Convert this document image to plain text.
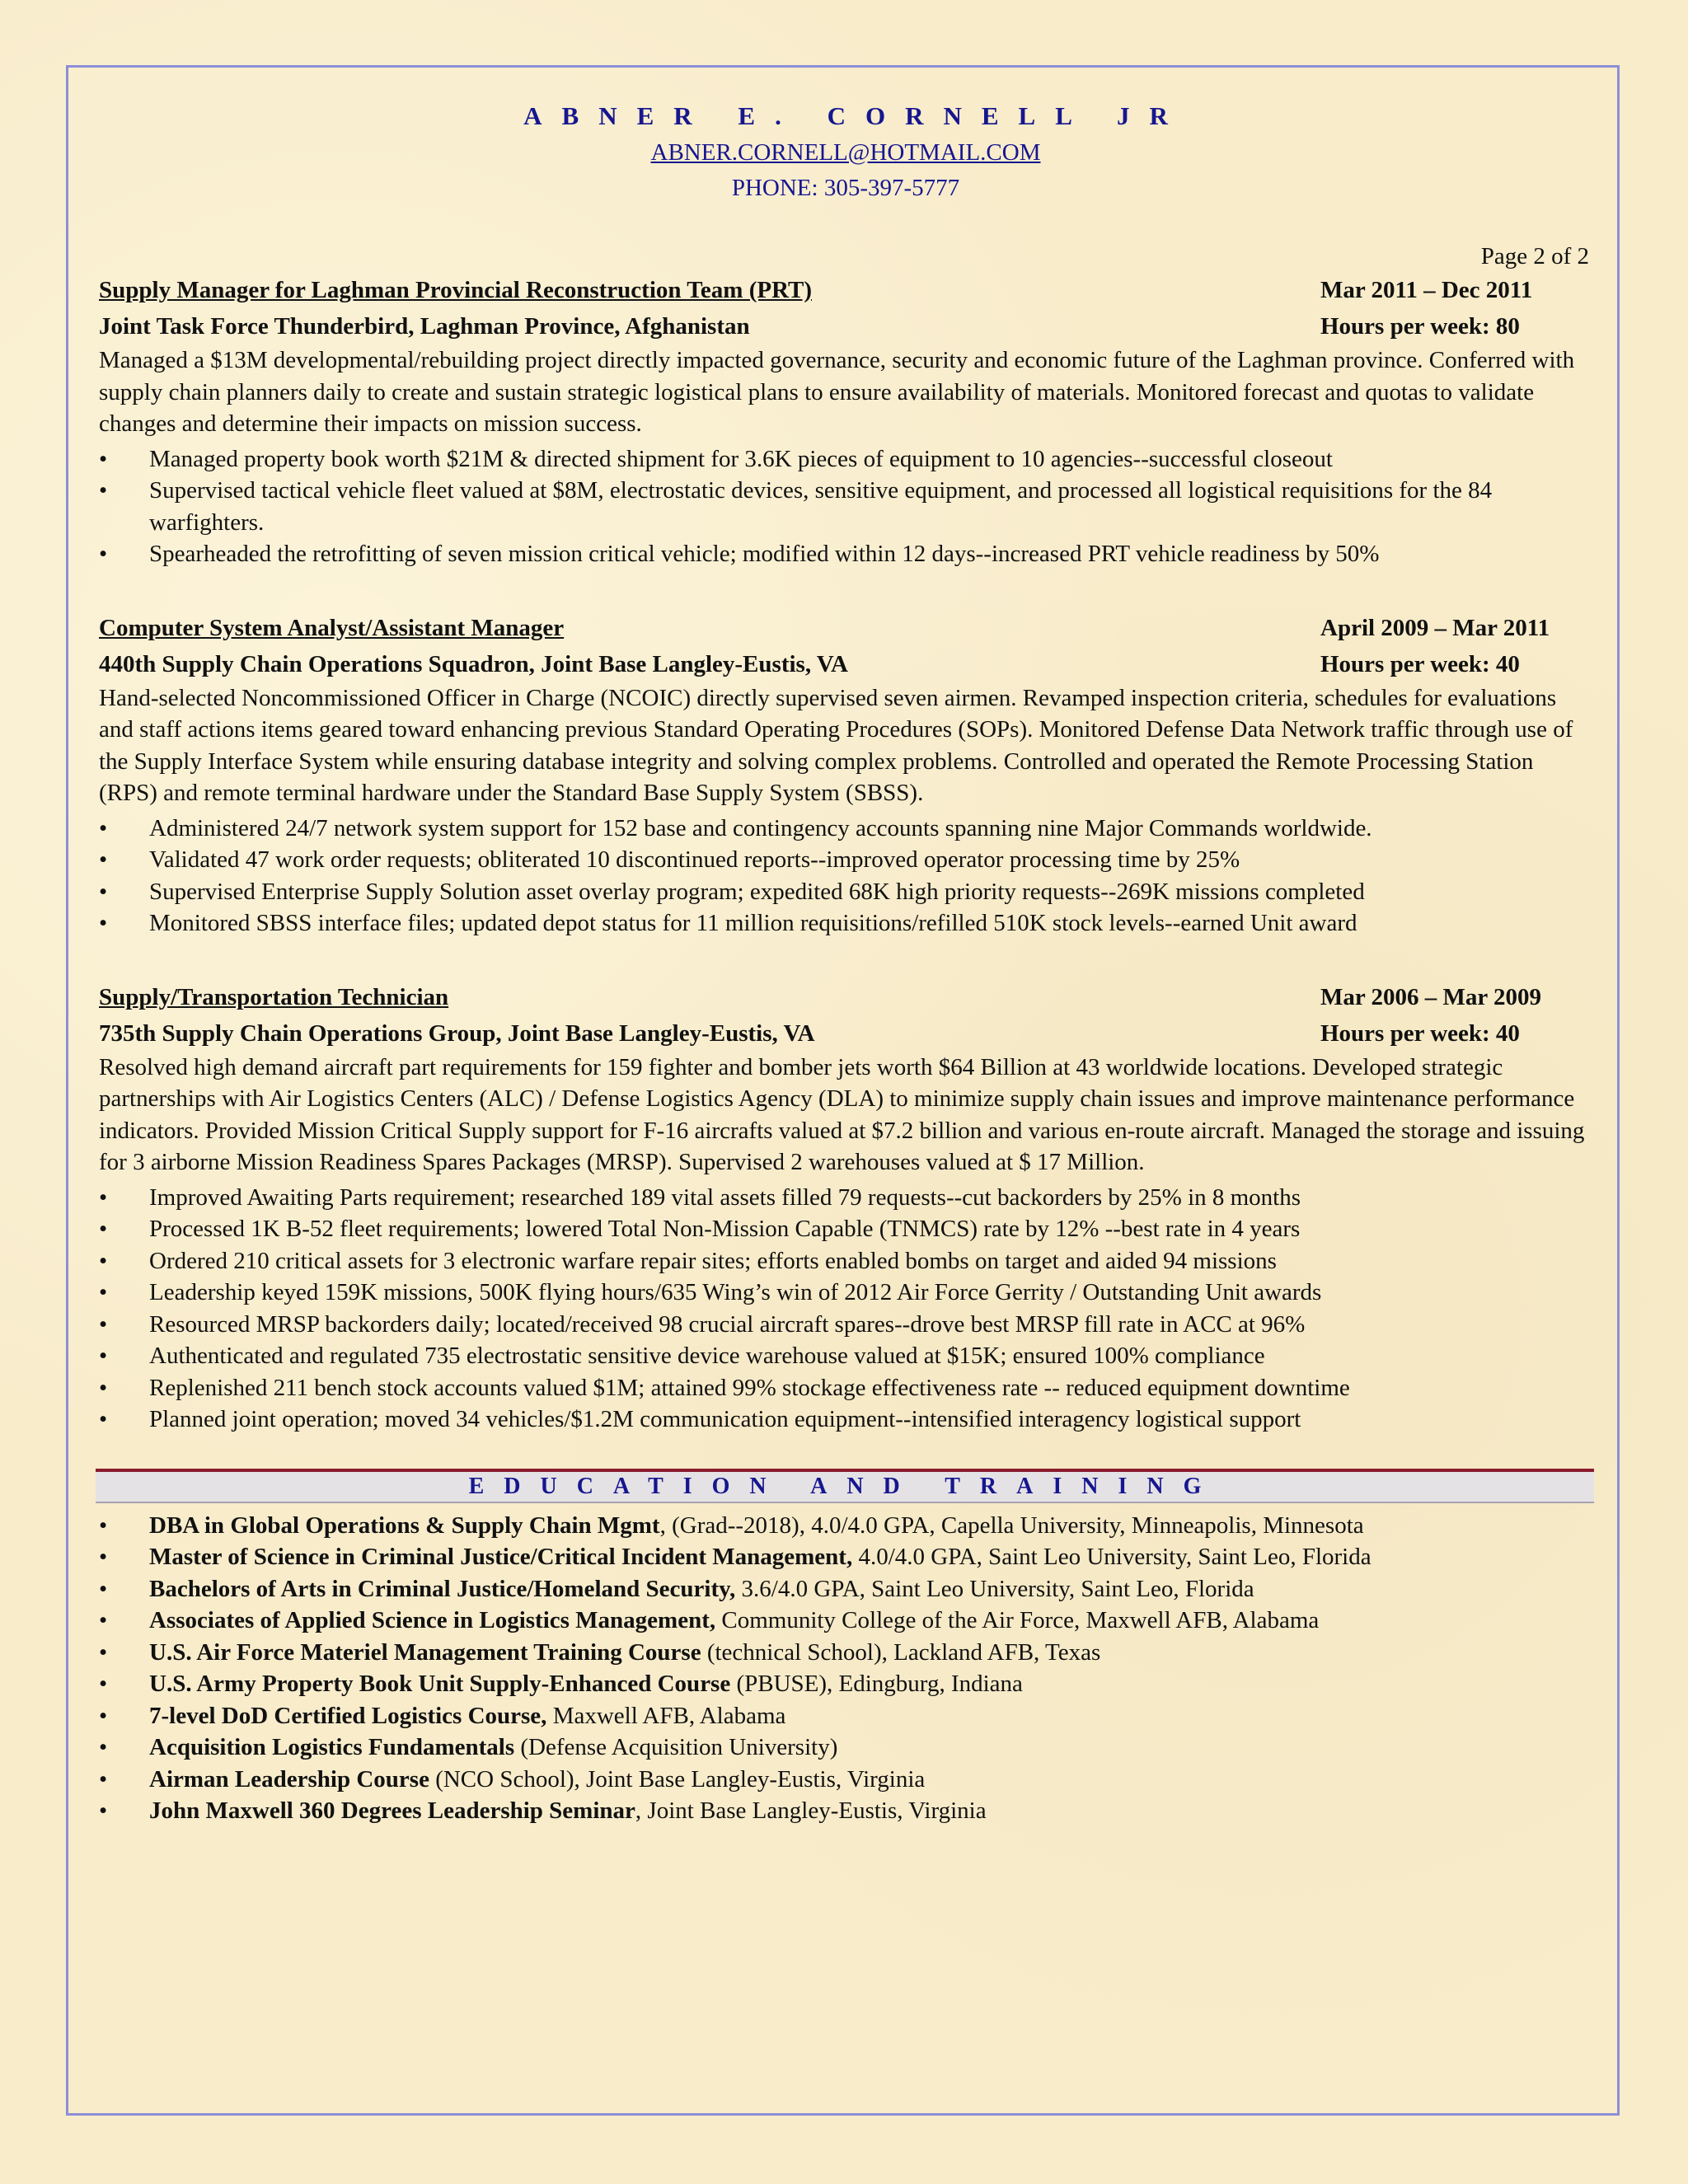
ABNER E. CORNELL JR
ABNER.CORNELL@HOTMAIL.COM
PHONE: 305-397-5777
Page 2 of 2
Supply Manager for Laghman Provincial Reconstruction Team (PRT)	Mar 2011 – Dec 2011
Joint Task Force Thunderbird, Laghman Province, Afghanistan	Hours per week: 80

Managed a $13M developmental/rebuilding project directly impacted governance, security and economic future of the Laghman province. Conferred with supply chain planners daily to create and sustain strategic logistical plans to ensure availability of materials. Monitored forecast and quotas to validate changes and determine their impacts on mission success.

• Managed property book worth $21M & directed shipment for 3.6K pieces of equipment to 10 agencies--successful closeout
• Supervised tactical vehicle fleet valued at $8M, electrostatic devices, sensitive equipment, and processed all logistical requisitions for the 84 warfighters.
• Spearheaded the retrofitting of seven mission critical vehicle; modified within 12 days--increased PRT vehicle readiness by 50%
Computer System Analyst/Assistant Manager	April 2009 – Mar 2011
440th Supply Chain Operations Squadron, Joint Base Langley-Eustis, VA	Hours per week: 40

Hand-selected Noncommissioned Officer in Charge (NCOIC) directly supervised seven airmen. Revamped inspection criteria, schedules for evaluations and staff actions items geared toward enhancing previous Standard Operating Procedures (SOPs). Monitored Defense Data Network traffic through use of the Supply Interface System while ensuring database integrity and solving complex problems. Controlled and operated the Remote Processing Station (RPS) and remote terminal hardware under the Standard Base Supply System (SBSS).

• Administered 24/7 network system support for 152 base and contingency accounts spanning nine Major Commands worldwide.
• Validated 47 work order requests; obliterated 10 discontinued reports--improved operator processing time by 25%
• Supervised Enterprise Supply Solution asset overlay program; expedited 68K high priority requests--269K missions completed
• Monitored SBSS interface files; updated depot status for 11 million requisitions/refilled 510K stock levels--earned Unit award
Supply/Transportation Technician	Mar 2006 – Mar 2009
735th Supply Chain Operations Group, Joint Base Langley-Eustis, VA	Hours per week: 40

Resolved high demand aircraft part requirements for 159 fighter and bomber jets worth $64 Billion at 43 worldwide locations. Developed strategic partnerships with Air Logistics Centers (ALC) / Defense Logistics Agency (DLA) to minimize supply chain issues and improve maintenance performance indicators. Provided Mission Critical Supply support for F-16 aircrafts valued at $7.2 billion and various en-route aircraft. Managed the storage and issuing for 3 airborne Mission Readiness Spares Packages (MRSP). Supervised 2 warehouses valued at $ 17 Million.

• Improved Awaiting Parts requirement; researched 189 vital assets filled 79 requests--cut backorders by 25% in 8 months
• Processed 1K B-52 fleet requirements; lowered Total Non-Mission Capable (TNMCS) rate by 12% --best rate in 4 years
• Ordered 210 critical assets for 3 electronic warfare repair sites; efforts enabled bombs on target and aided 94 missions
• Leadership keyed 159K missions, 500K flying hours/635 Wing’s win of 2012 Air Force Gerrity / Outstanding Unit awards
• Resourced MRSP backorders daily; located/received 98 crucial aircraft spares--drove best MRSP fill rate in ACC at 96%
• Authenticated and regulated 735 electrostatic sensitive device warehouse valued at $15K; ensured 100% compliance
• Replenished 211 bench stock accounts valued $1M; attained 99% stockage effectiveness rate -- reduced equipment downtime
• Planned joint operation; moved 34 vehicles/$1.2M communication equipment--intensified interagency logistical support
EDUCATION AND TRAINING
• DBA in Global Operations & Supply Chain Mgmt, (Grad--2018), 4.0/4.0 GPA, Capella University, Minneapolis, Minnesota
• Master of Science in Criminal Justice/Critical Incident Management, 4.0/4.0 GPA, Saint Leo University, Saint Leo, Florida
• Bachelors of Arts in Criminal Justice/Homeland Security, 3.6/4.0 GPA, Saint Leo University, Saint Leo, Florida
• Associates of Applied Science in Logistics Management, Community College of the Air Force, Maxwell AFB, Alabama
• U.S. Air Force Materiel Management Training Course (technical School), Lackland AFB, Texas
• U.S. Army Property Book Unit Supply-Enhanced Course (PBUSE), Edingburg, Indiana
• 7-level DoD Certified Logistics Course, Maxwell AFB, Alabama
• Acquisition Logistics Fundamentals (Defense Acquisition University)
• Airman Leadership Course (NCO School), Joint Base Langley-Eustis, Virginia
• John Maxwell 360 Degrees Leadership Seminar, Joint Base Langley-Eustis, Virginia
